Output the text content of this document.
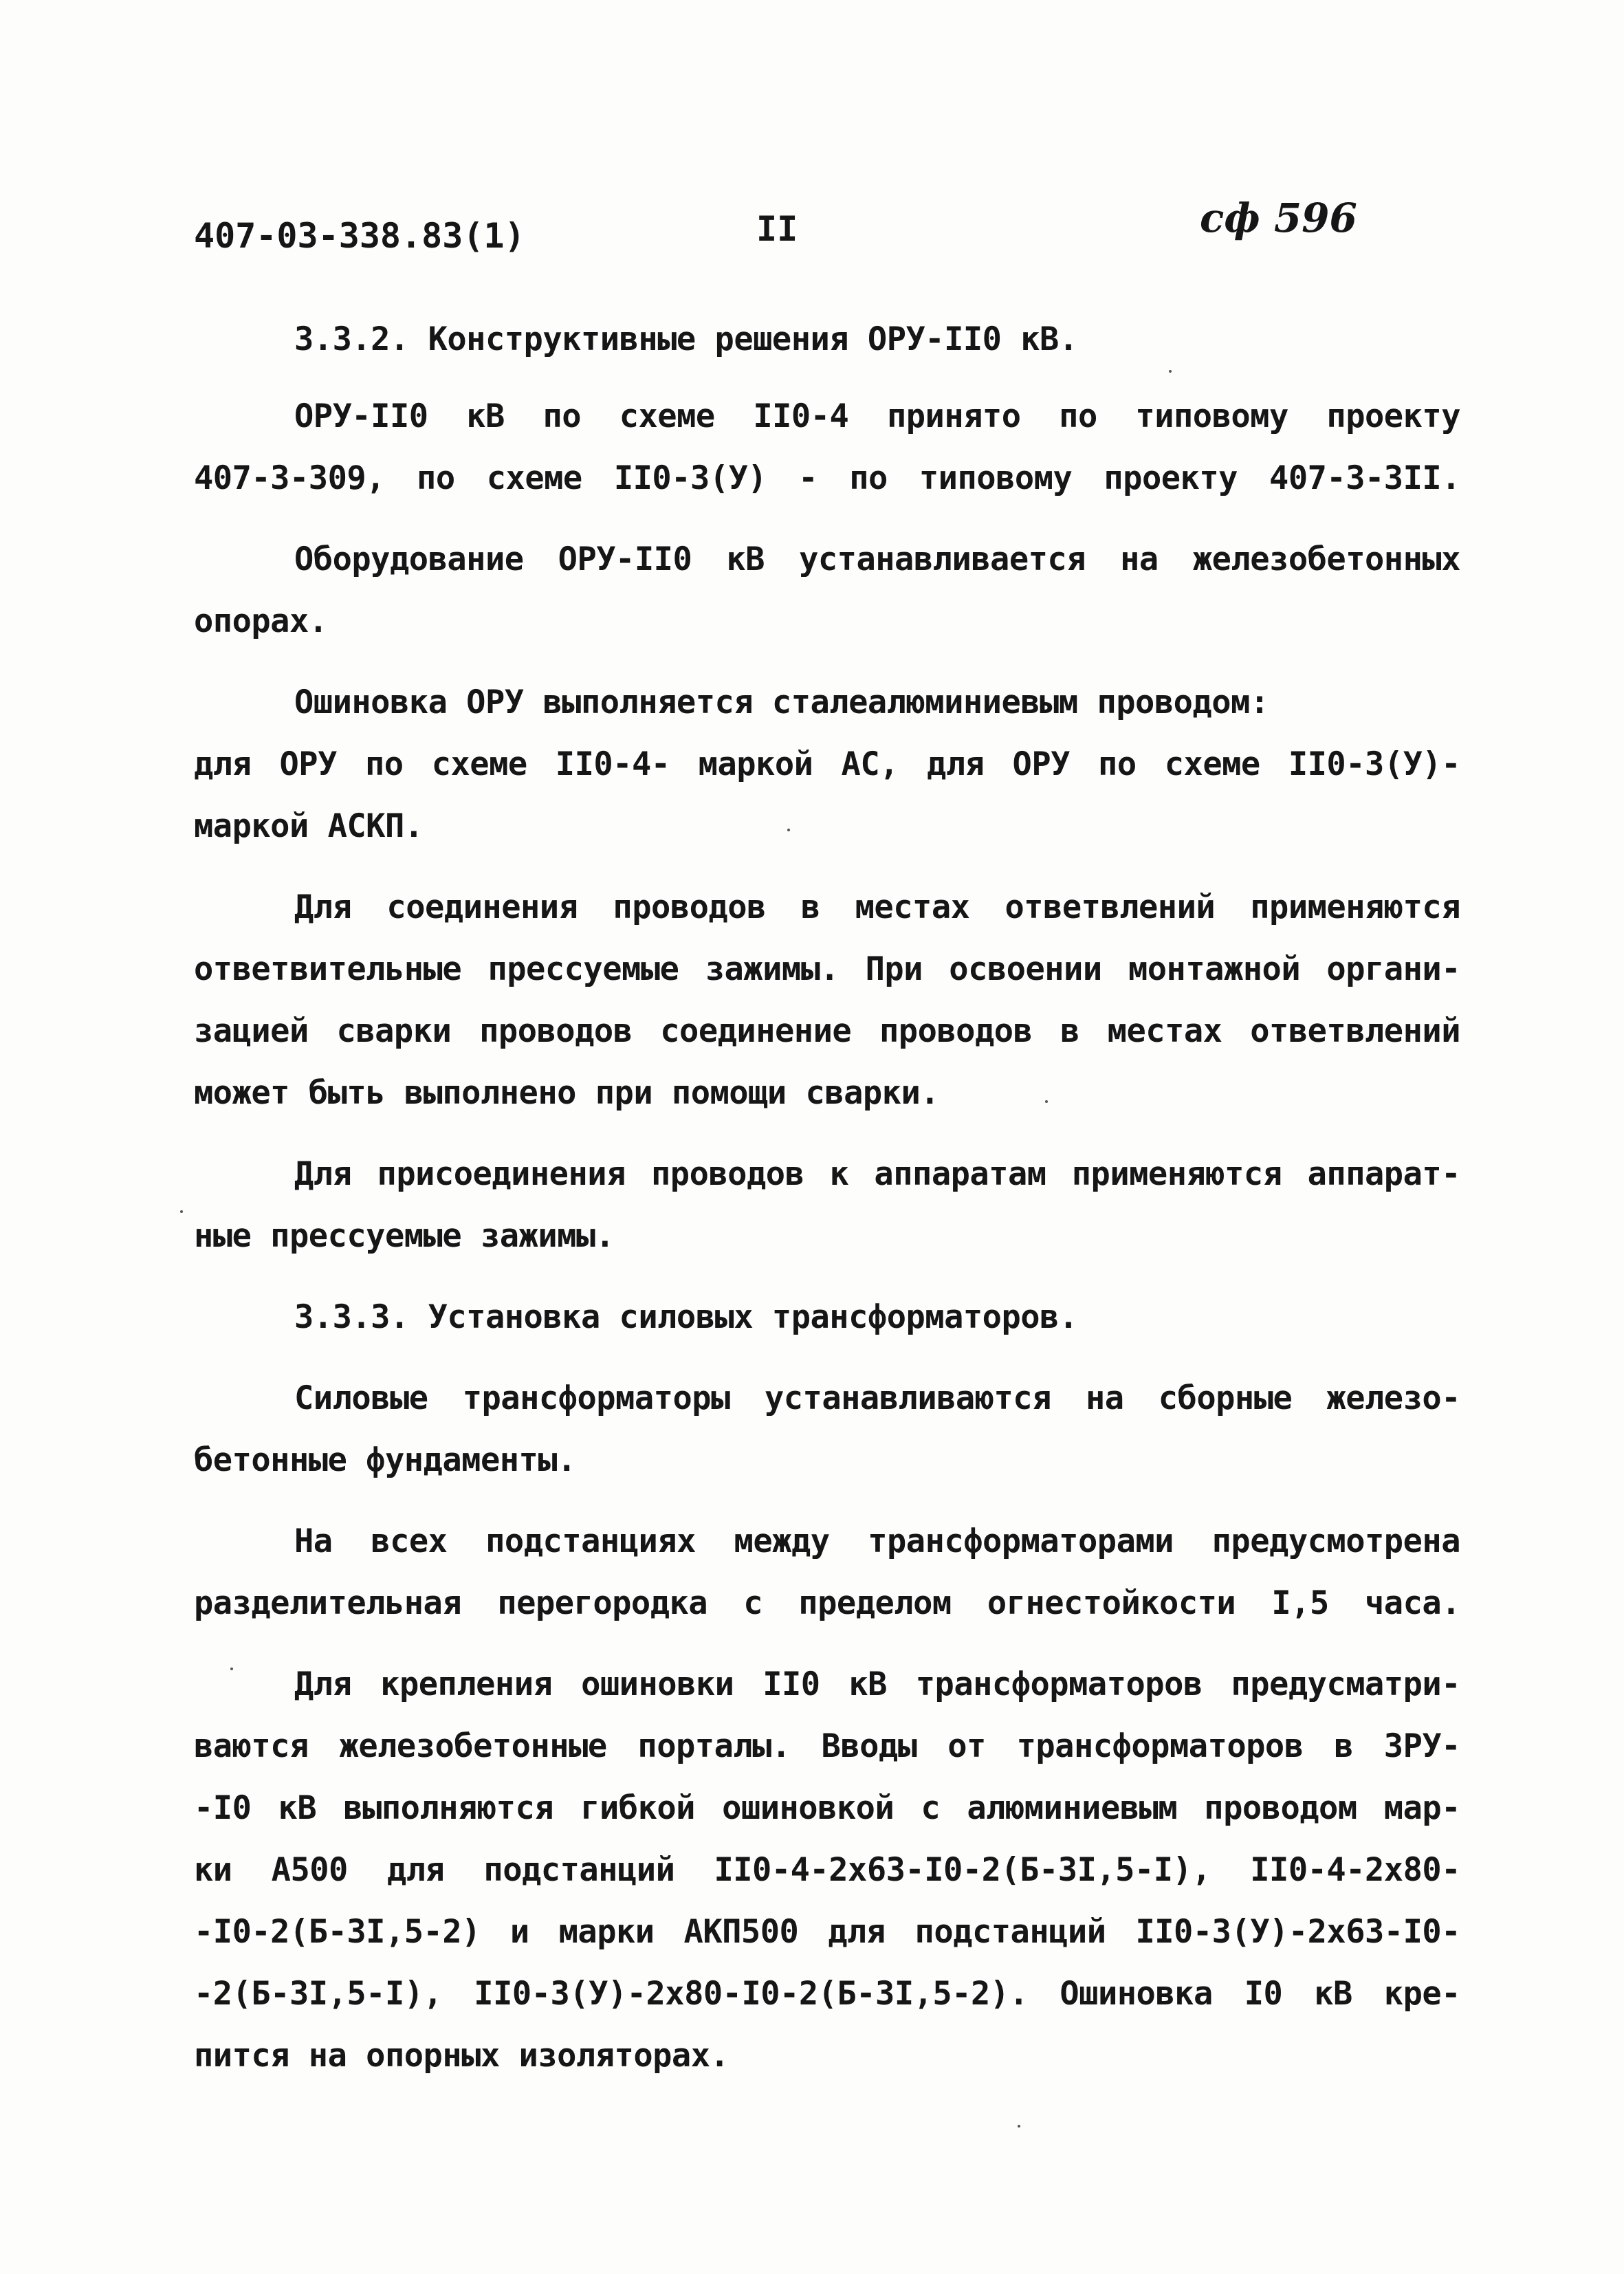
407-03-338.83(1)	II	сф 596
3.3.2. Конструктивные решения ОРУ-II0 кВ.
ОРУ-II0 кВ по схеме II0-4 принято по типовому проекту
407-3-309, по схеме II0-3(У) - по типовому проекту 407-3-3II.
Оборудование ОРУ-II0 кВ устанавливается на железобетонных
опорах.
Ошиновка ОРУ выполняется сталеалюминиевым проводом:
для ОРУ по схеме II0-4- маркой АС, для ОРУ по схеме II0-3(У)-
маркой АСКП.
Для соединения проводов в местах ответвлений применяются
ответвительные прессуемые зажимы. При освоении монтажной органи-
зацией сварки проводов соединение проводов в местах ответвлений
может быть выполнено при помощи сварки.
Для присоединения проводов к аппаратам применяются аппарат-
ные прессуемые зажимы.
3.3.3. Установка силовых трансформаторов.
Силовые трансформаторы устанавливаются на сборные железо-
бетонные фундаменты.
На всех подстанциях между трансформаторами предусмотрена
разделительная перегородка с пределом огнестойкости I,5 часа.
Для крепления ошиновки II0 кВ трансформаторов предусматри-
ваются железобетонные порталы. Вводы от трансформаторов в ЗРУ-
-I0 кВ выполняются гибкой ошиновкой с алюминиевым проводом мар-
ки А500 для подстанций II0-4-2х63-I0-2(Б-3I,5-I), II0-4-2х80-
-I0-2(Б-3I,5-2) и марки АКП500 для подстанций II0-3(У)-2х63-I0-
-2(Б-3I,5-I), II0-3(У)-2х80-I0-2(Б-3I,5-2). Ошиновка I0 кВ кре-
пится на опорных изоляторах.
